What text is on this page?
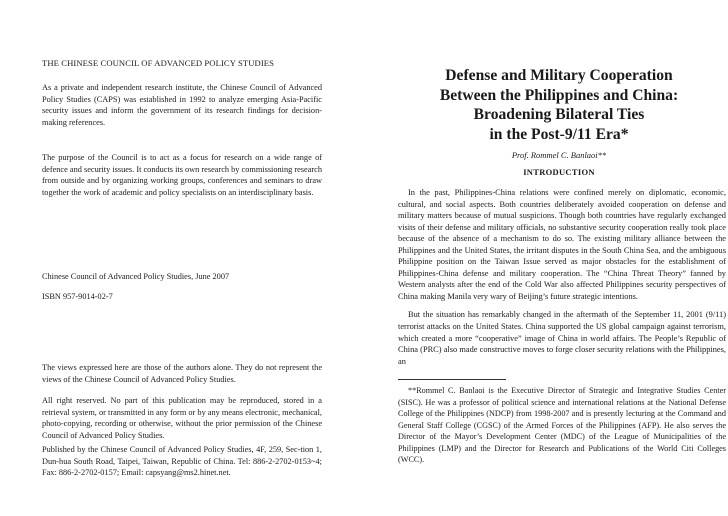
THE CHINESE COUNCIL OF ADVANCED POLICY STUDIES
As a private and independent research institute, the Chinese Council of Advanced Policy Studies (CAPS) was established in 1992 to analyze emerging Asia-Pacific security issues and inform the government of its research findings for decision-making references.
The purpose of the Council is to act as a focus for research on a wide range of defence and security issues. It conducts its own research by commissioning research from outside and by organizing working groups, conferences and seminars to draw together the work of academic and policy specialists on an interdisciplinary basis.
Chinese Council of Advanced Policy Studies, June 2007
ISBN 957-9014-02-7
The views expressed here are those of the authors alone. They do not represent the views of the Chinese Council of Advanced Policy Studies.
All right reserved. No part of this publication may be reproduced, stored in a retrieval system, or transmitted in any form or by any means electronic, mechanical, photo-copying, recording or otherwise, without the prior permission of the Chinese Council of Advanced Policy Studies.
Published by the Chinese Council of Advanced Policy Studies, 4F, 259, Sec-tion 1, Dun-hua South Road, Taipei, Taiwan, Republic of China. Tel: 886-2-2702-0153~4; Fax: 886-2-2702-0157; Email: capsyang@ms2.hinet.net.
Defense and Military Cooperation
Between the Philippines and China:
Broadening Bilateral Ties
in the Post-9/11 Era*
Prof. Rommel C. Banlaoi**
INTRODUCTION

In the past, Philippines-China relations were confined merely on diplomatic, economic, cultural, and social aspects. Both countries deliberately avoided cooperation on defense and military matters because of mutual suspicions. Though both countries have regularly exchanged visits of their defense and military officials, no substantive security cooperation really took place because of the absence of a mechanism to do so. The existing military alliance between the Philippines and the United States, the irritant disputes in the South China Sea, and the ambiguous Philippine position on the Taiwan Issue served as major obstacles for the establishment of Philippines-China defense and military cooperation. The “China Threat Theory” fanned by Western analysts after the end of the Cold War also affected Philippines security perspectives of China making Manila very wary of Beijing’s future strategic intentions.

But the situation has remarkably changed in the aftermath of the September 11, 2001 (9/11) terrorist attacks on the United States. China supported the US global campaign against terrorism, which created a more “cooperative” image of China in world affairs. The People’s Republic of China (PRC) also made constructive moves to forge closer security relations with the Philippines, an

**Rommel C. Banlaoi is the Executive Director of Strategic and Integrative Studies Center (SISC). He was a professor of political science and international relations at the National Defense College of the Philippines (NDCP) from 1998-2007 and is presently lecturing at the Command and General Staff College (CGSC) of the Armed Forces of the Philippines (AFP). He also serves the Director of the Mayor’s Development Center (MDC) of the League of Municipalities of the Philippines (LMP) and the Director for Research and Publications of the World Citi Colleges (WCC).
